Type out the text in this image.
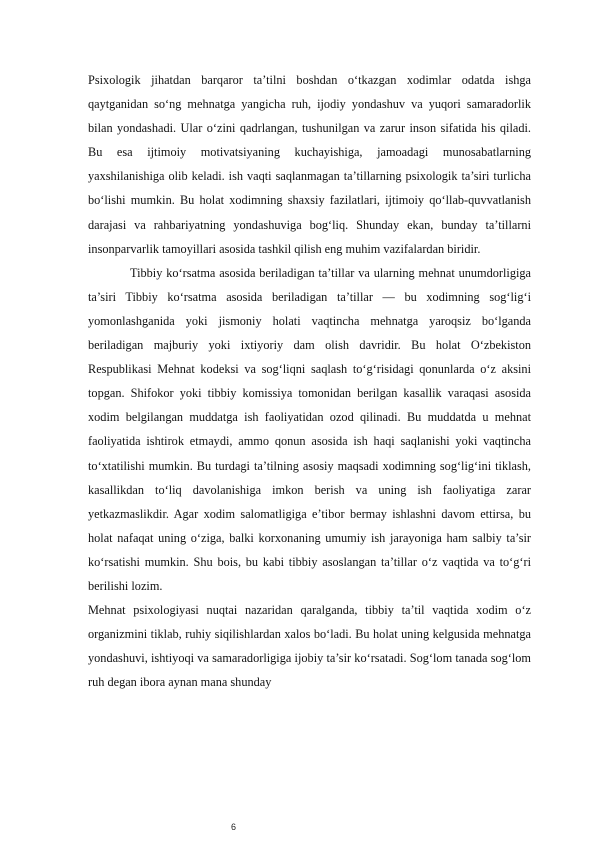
Psixologik jihatdan barqaror ta’tilni boshdan o‘tkazgan xodimlar odatda ishga qaytganidan so‘ng mehnatga yangicha ruh, ijodiy yondashuv va yuqori samaradorlik bilan yondashadi. Ular o‘zini qadrlangan, tushunilgan va zarur inson sifatida his qiladi. Bu esa ijtimoiy motivatsiyaning kuchayishiga, jamoadagi munosabatlarning yaxshilanishiga olib keladi. ish vaqti saqlanmagan ta’tillarning psixologik ta’siri turlicha bo‘lishi mumkin. Bu holat xodimning shaxsiy fazilatlari, ijtimoiy qo‘llab-quvvatlanish darajasi va rahbariyatning yondashuviga bog‘liq. Shunday ekan, bunday ta’tillarni insonparvarlik tamoyillari asosida tashkil qilish eng muhim vazifalardan biridir.

Tibbiy ko‘rsatma asosida beriladigan ta’tillar va ularning mehnat unumdorligiga ta’siri Tibbiy ko‘rsatma asosida beriladigan ta’tillar — bu xodimning sog‘lig‘i yomonlashganida yoki jismoniy holati vaqtincha mehnatga yaroqsiz bo‘lganda beriladigan majburiy yoki ixtiyoriy dam olish davridir. Bu holat O‘zbekiston Respublikasi Mehnat kodeksi va sog‘liqni saqlash to‘g‘risidagi qonunlarda o‘z aksini topgan. Shifokor yoki tibbiy komissiya tomonidan berilgan kasallik varaqasi asosida xodim belgilangan muddatga ish faoliyatidan ozod qilinadi. Bu muddatda u mehnat faoliyatida ishtirok etmaydi, ammo qonun asosida ish haqi saqlanishi yoki vaqtincha to‘xtatilishi mumkin. Bu turdagi ta’tilning asosiy maqsadi xodimning sog‘lig‘ini tiklash, kasallikdan to‘liq davolanishiga imkon berish va uning ish faoliyatiga zarar yetkazmaslikdir. Agar xodim salomatligiga e’tibor bermay ishlashni davom ettirsa, bu holat nafaqat uning o‘ziga, balki korxonaning umumiy ish jarayoniga ham salbiy ta’sir ko‘rsatishi mumkin. Shu bois, bu kabi tibbiy asoslangan ta’tillar o‘z vaqtida va to‘g‘ri berilishi lozim.

Mehnat psixologiyasi nuqtai nazaridan qaralganda, tibbiy ta’til vaqtida xodim o‘z organizmini tiklab, ruhiy siqilishlardan xalos bo‘ladi. Bu holat uning kelgusida mehnatga yondashuvi, ishtiyoqi va samaradorligiga ijobiy ta’sir ko‘rsatadi. Sog‘lom tanada sog‘lom ruh degan ibora aynan mana shunday

6
